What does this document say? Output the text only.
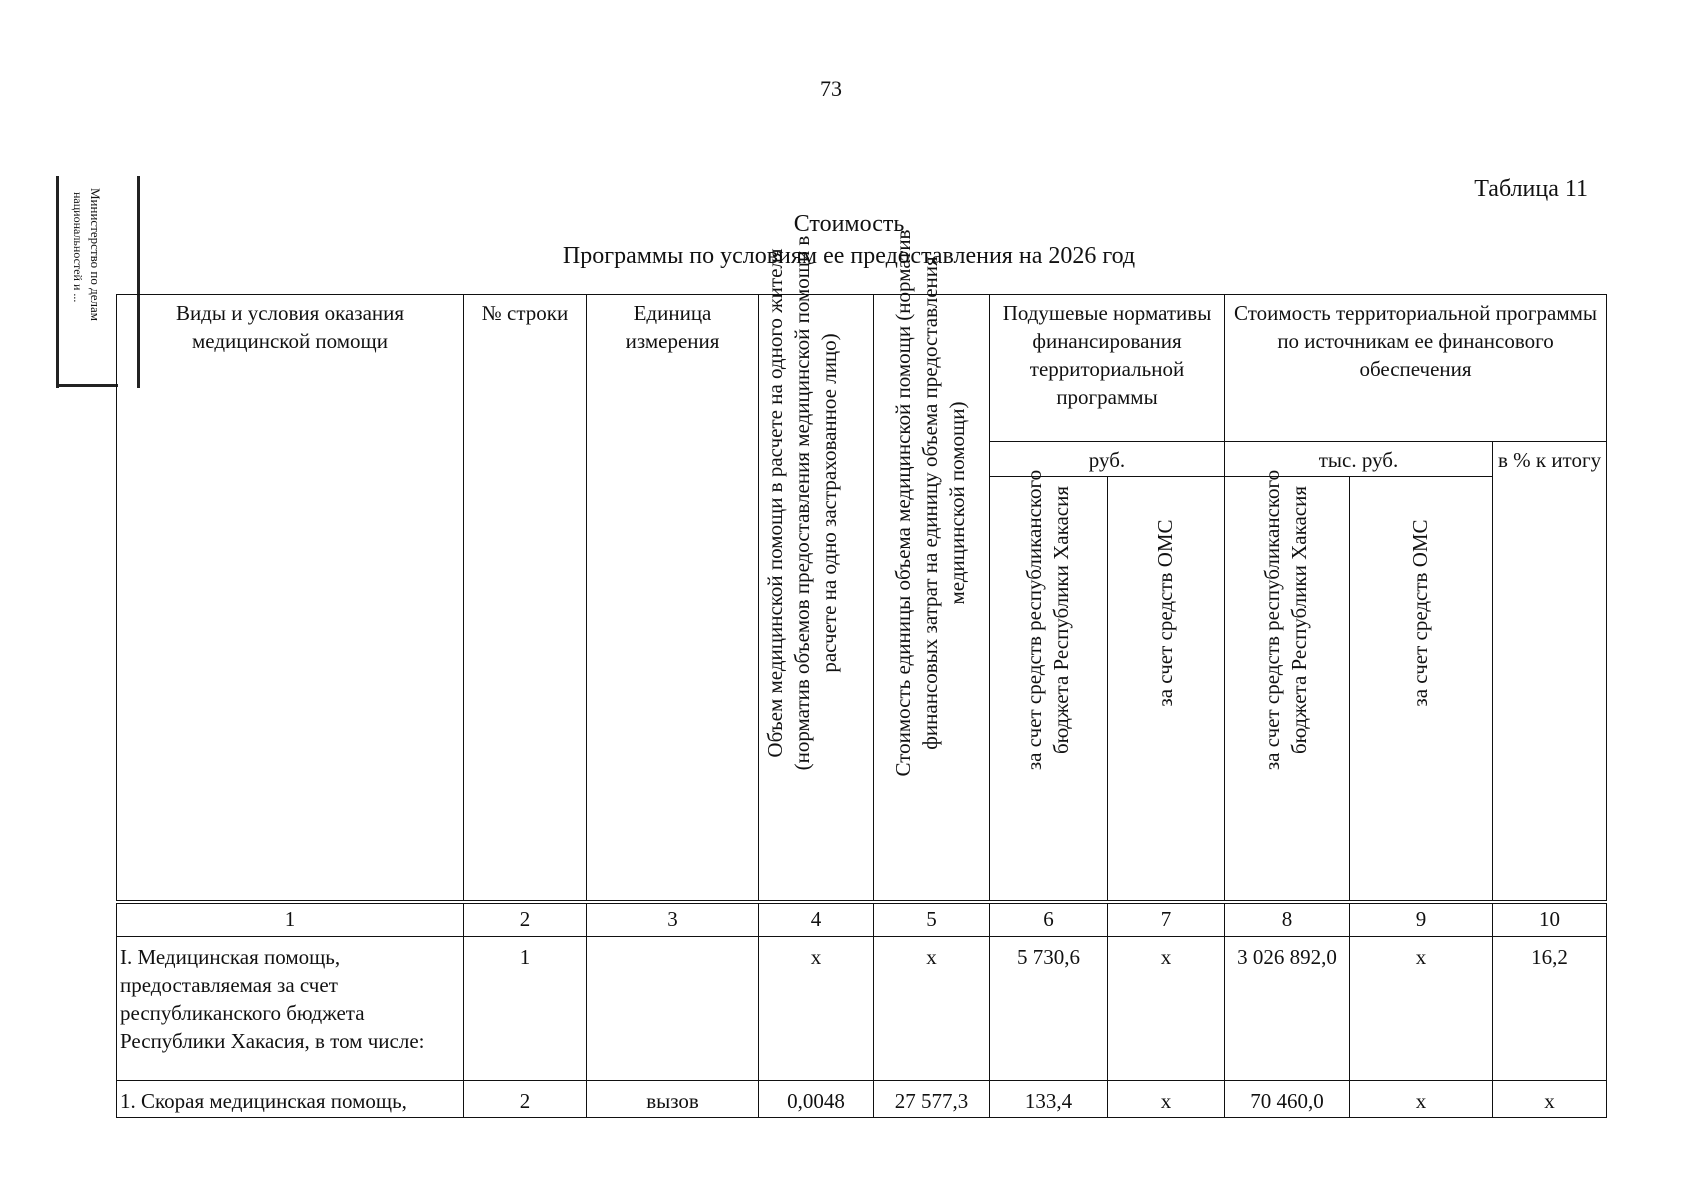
73
Таблица 11
Стоимость
Программы по условиям ее предоставления на 2026 год
Министерство по делам
национальностей и ...
Виды и условия оказания медицинской помощи	№ строки	Единица измерения	Объем медицинской помощи в расчете на одного жителя (норматив объемов предоставления медицинской помощи в расчете на одно застрахованное лицо)	Стоимость единицы объема медицинской помощи (норматив финансовых затрат на единицу объема предоставления медицинской помощи)	Подушевые нормативы финансирования территориальной программы		Стоимость территориальной программы по источникам ее финансового обеспечения		
					руб.		тыс. руб.		в % к итогу

					за счет средств республиканского бюджета Республики Хакасия	за счет средств ОМС	за счет средств республиканского бюджета Республики Хакасия	за счет средств ОМС	

1	2	3	4	5	6	7	8	9	10
I. Медицинская помощь, предоставляемая за счет республиканского бюджета Республики Хакасия, в том числе:	1		х	х	5 730,6	х	3 026 892,0	х	16,2
1. Скорая медицинская помощь,	2	вызов	0,0048	27 577,3	133,4	х	70 460,0	х	х
